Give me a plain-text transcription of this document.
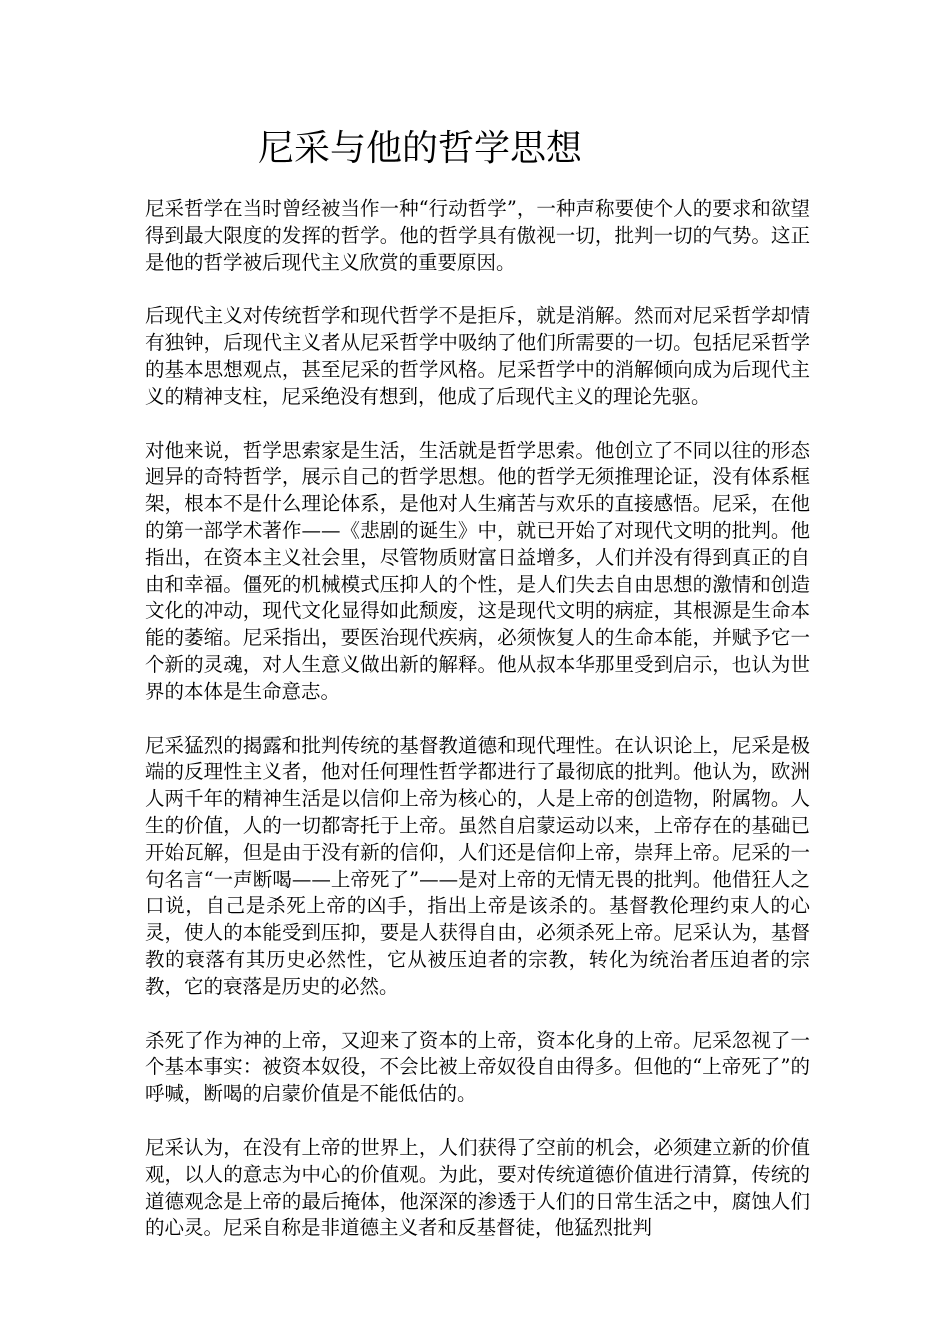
尼采与他的哲学思想

尼采哲学在当时曾经被当作一种“行动哲学”，一种声称要使个人的要求和欲望得到最大限度的发挥的哲学。他的哲学具有傲视一切，批判一切的气势。这正是他的哲学被后现代主义欣赏的重要原因。

后现代主义对传统哲学和现代哲学不是拒斥，就是消解。然而对尼采哲学却情有独钟，后现代主义者从尼采哲学中吸纳了他们所需要的一切。包括尼采哲学的基本思想观点，甚至尼采的哲学风格。尼采哲学中的消解倾向成为后现代主义的精神支柱，尼采绝没有想到，他成了后现代主义的理论先驱。

对他来说，哲学思索家是生活，生活就是哲学思索。他创立了不同以往的形态迥异的奇特哲学，展示自己的哲学思想。他的哲学无须推理论证，没有体系框架，根本不是什么理论体系，是他对人生痛苦与欢乐的直接感悟。尼采，在他的第一部学术著作——《悲剧的诞生》中，就已开始了对现代文明的批判。他指出，在资本主义社会里，尽管物质财富日益增多，人们并没有得到真正的自由和幸福。僵死的机械模式压抑人的个性，是人们失去自由思想的激情和创造文化的冲动，现代文化显得如此颓废，这是现代文明的病症，其根源是生命本能的萎缩。尼采指出，要医治现代疾病，必须恢复人的生命本能，并赋予它一个新的灵魂，对人生意义做出新的解释。他从叔本华那里受到启示，也认为世界的本体是生命意志。

尼采猛烈的揭露和批判传统的基督教道德和现代理性。在认识论上，尼采是极端的反理性主义者，他对任何理性哲学都进行了最彻底的批判。他认为，欧洲人两千年的精神生活是以信仰上帝为核心的，人是上帝的创造物，附属物。人生的价值，人的一切都寄托于上帝。虽然自启蒙运动以来，上帝存在的基础已开始瓦解，但是由于没有新的信仰，人们还是信仰上帝，崇拜上帝。尼采的一句名言“一声断喝——上帝死了”——是对上帝的无情无畏的批判。他借狂人之口说，自己是杀死上帝的凶手，指出上帝是该杀的。基督教伦理约束人的心灵，使人的本能受到压抑，要是人获得自由，必须杀死上帝。尼采认为，基督教的衰落有其历史必然性，它从被压迫者的宗教，转化为统治者压迫者的宗教，它的衰落是历史的必然。

杀死了作为神的上帝，又迎来了资本的上帝，资本化身的上帝。尼采忽视了一个基本事实：被资本奴役，不会比被上帝奴役自由得多。但他的“上帝死了”的呼喊，断喝的启蒙价值是不能低估的。

尼采认为，在没有上帝的世界上，人们获得了空前的机会，必须建立新的价值观，以人的意志为中心的价值观。为此，要对传统道德价值进行清算，传统的道德观念是上帝的最后掩体，他深深的渗透于人们的日常生活之中，腐蚀人们的心灵。尼采自称是非道德主义者和反基督徒，他猛烈批判
